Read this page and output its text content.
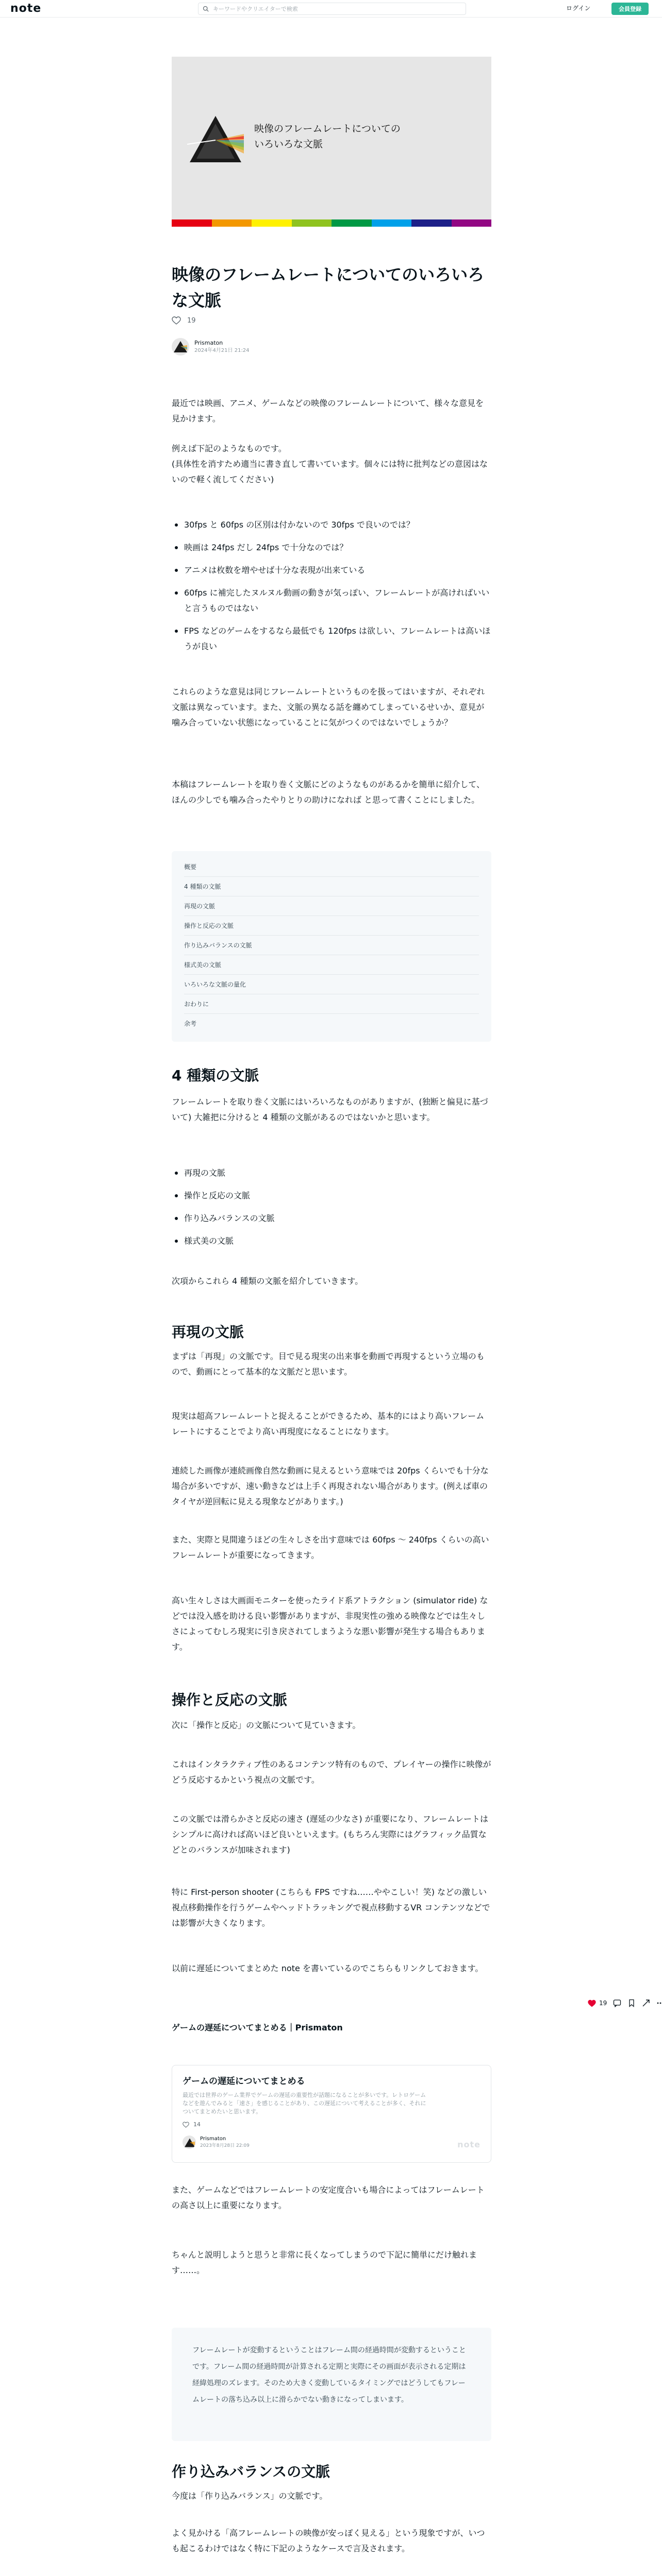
note
キーワードやクリエイターで検索	ログイン	会員登録
映像のフレームレートについての
いろいろな文脈
映像のフレームレートについてのいろいろな文脈
19
Prismaton
2024年4月21日 21:24

最近では映画、アニメ、ゲームなどの映像のフレームレートについて、様々な意見を見かけます。

例えば下記のようなものです。
(具体性を消すため適当に書き直して書いています。個々には特に批判などの意図はないので軽く流してください)
30fps と 60fps の区別は付かないので 30fps で良いのでは？
映画は 24fps だし 24fps で十分なのでは？
アニメは枚数を増やせば十分な表現が出来ている
60fps に補完したヌルヌル動画の動きが気っぽい、フレームレートが高ければいいと言うものではない
FPS などのゲームをするなら最低でも 120fps は欲しい、フレームレートは高いほうが良い

これらのような意見は同じフレームレートというものを扱ってはいますが、それぞれ文脈は異なっています。また、文脈の異なる話を纏めてしまっているせいか、意見が噛み合っていない状態になっていることに気がつくのではないでしょうか？

本稿はフレームレートを取り巻く文脈にどのようなものがあるかを簡単に紹介して、ほんの少しでも噛み合ったやりとりの助けになれば と思って書くことにしました。

概要
4 種類の文脈
再現の文脈
操作と反応の文脈
作り込みバランスの文脈
様式美の文脈
いろいろな文脈の量化
おわりに
余考
4 種類の文脈

フレームレートを取り巻く文脈にはいろいろなものがありますが、(独断と偏見に基づいて) 大雑把に分けると 4 種類の文脈があるのではないかと思います。

再現の文脈
操作と反応の文脈
作り込みバランスの文脈
様式美の文脈

次項からこれら 4 種類の文脈を紹介していきます。

再現の文脈

まずは「再現」の文脈です。目で見る現実の出来事を動画で再現するという立場のもので、動画にとって基本的な文脈だと思います。

現実は超高フレームレートと捉えることができるため、基本的にはより高いフレームレートにすることでより高い再現度になることになります。

連続した画像が連続画像自然な動画に見えるという意味では 20fps くらいでも十分な場合が多いですが、速い動きなどは上手く再現されない場合があります。(例えば車のタイヤが逆回転に見える現象などがあります。)

また、実際と見間違うほどの生々しさを出す意味では 60fps 〜 240fps くらいの高いフレームレートが重要になってきます。

高い生々しさは大画面モニターを使ったライド系アトラクション (simulator ride) などでは没入感を助ける良い影響がありますが、非現実性の強める映像などでは生々しさによってむしろ現実に引き戻されてしまうような悪い影響が発生する場合もあります。

操作と反応の文脈

次に「操作と反応」の文脈について見ていきます。

これはインタラクティブ性のあるコンテンツ特有のもので、プレイヤーの操作に映像がどう反応するかという視点の文脈です。

この文脈では滑らかさと反応の速さ (遅延の少なさ) が重要になり、フレームレートはシンプルに高ければ高いほど良いといえます。(もちろん実際にはグラフィック品質などとのバランスが加味されます)

特に First-person shooter (こちらも FPS ですね……ややこしい！笑) などの激しい視点移動操作を行うゲームやヘッドトラッキングで視点移動するVR コンテンツなどでは影響が大きくなります。

以前に遅延についてまとめた note を書いているのでこちらもリンクしておきます。

ゲームの遅延についてまとめる｜Prismaton
ゲームの遅延についてまとめる
最近では世界のゲーム業界でゲームの遅延の重要性が話題になることが多いです。レトロゲームなどを遊んでみると「速さ」を感じることがあり、この遅延について考えることが多く、それについてまとめたいと思います。
14
Prismaton
2023年8月28日 22:09	note

また、ゲームなどではフレームレートの安定度合いも場合によってはフレームレートの高さ以上に重要になります。

ちゃんと説明しようと思うと非常に長くなってしまうので下記に簡単にだけ触れます……。

フレームレートが変動するということはフレーム間の経過時間が変動するということです。フレーム間の経過時間が計算される定期と実際にその画面が表示される定期は経緯処理のズレます。そのため大きく変動しているタイミングではどうしてもフレームレートの落ち込み以上に滑らかでない動きになってしまいます。
作り込みバランスの文脈

今度は「作り込みバランス」の文脈です。

よく見かける「高フレームレートの映像が安っぽく見える」という現象ですが、いつも起こるわけではなく特に下記のようなケースで言及されます。

19
